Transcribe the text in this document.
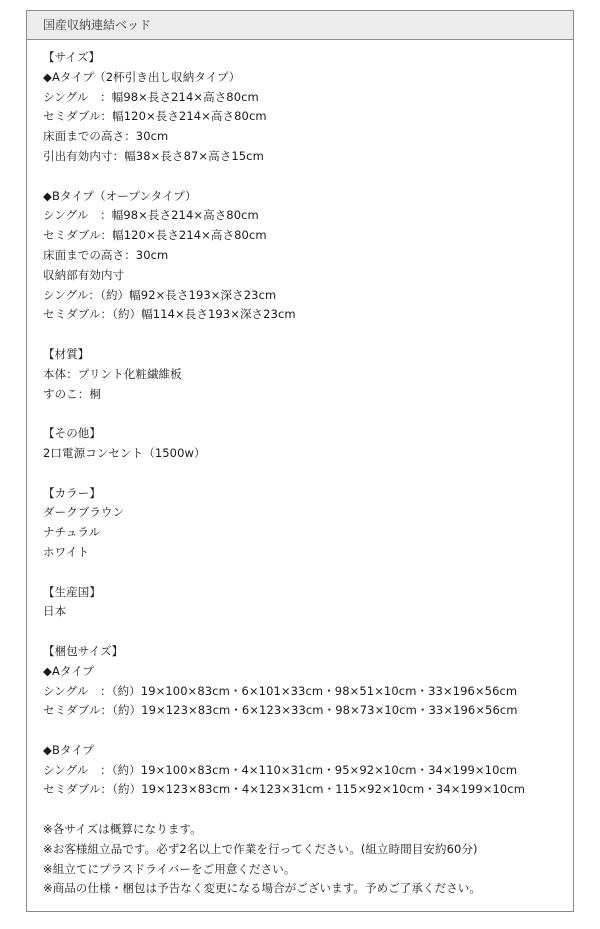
国産収納連結ベッド
【サイズ】
◆Aタイプ（2杯引き出し収納タイプ）
シングル　：幅98×長さ214×高さ80cm
セミダブル：幅120×長さ214×高さ80cm
床面までの高さ：30cm
引出有効内寸：幅38×長さ87×高さ15cm
◆Bタイプ（オープンタイプ）
シングル　：幅98×長さ214×高さ80cm
セミダブル：幅120×長さ214×高さ80cm
床面までの高さ：30cm
収納部有効内寸
シングル：（約）幅92×長さ193×深さ23cm
セミダブル：（約）幅114×長さ193×深さ23cm
【材質】
本体：プリント化粧繊維板
すのこ：桐
【その他】
2口電源コンセント（1500w）
【カラー】
ダークブラウン
ナチュラル
ホワイト
【生産国】
日本
【梱包サイズ】
◆Aタイプ
シングル　：（約）19×100×83cm・6×101×33cm・98×51×10cm・33×196×56cm
セミダブル：（約）19×123×83cm・6×123×33cm・98×73×10cm・33×196×56cm
◆Bタイプ
シングル　：（約）19×100×83cm・4×110×31cm・95×92×10cm・34×199×10cm
セミダブル：（約）19×123×83cm・4×123×31cm・115×92×10cm・34×199×10cm
※各サイズは概算になります。
※お客様組立品です。必ず2名以上で作業を行ってください。(組立時間目安約60分)
※組立てにプラスドライバーをご用意ください。
※商品の仕様・梱包は予告なく変更になる場合がございます。予めご了承ください。
